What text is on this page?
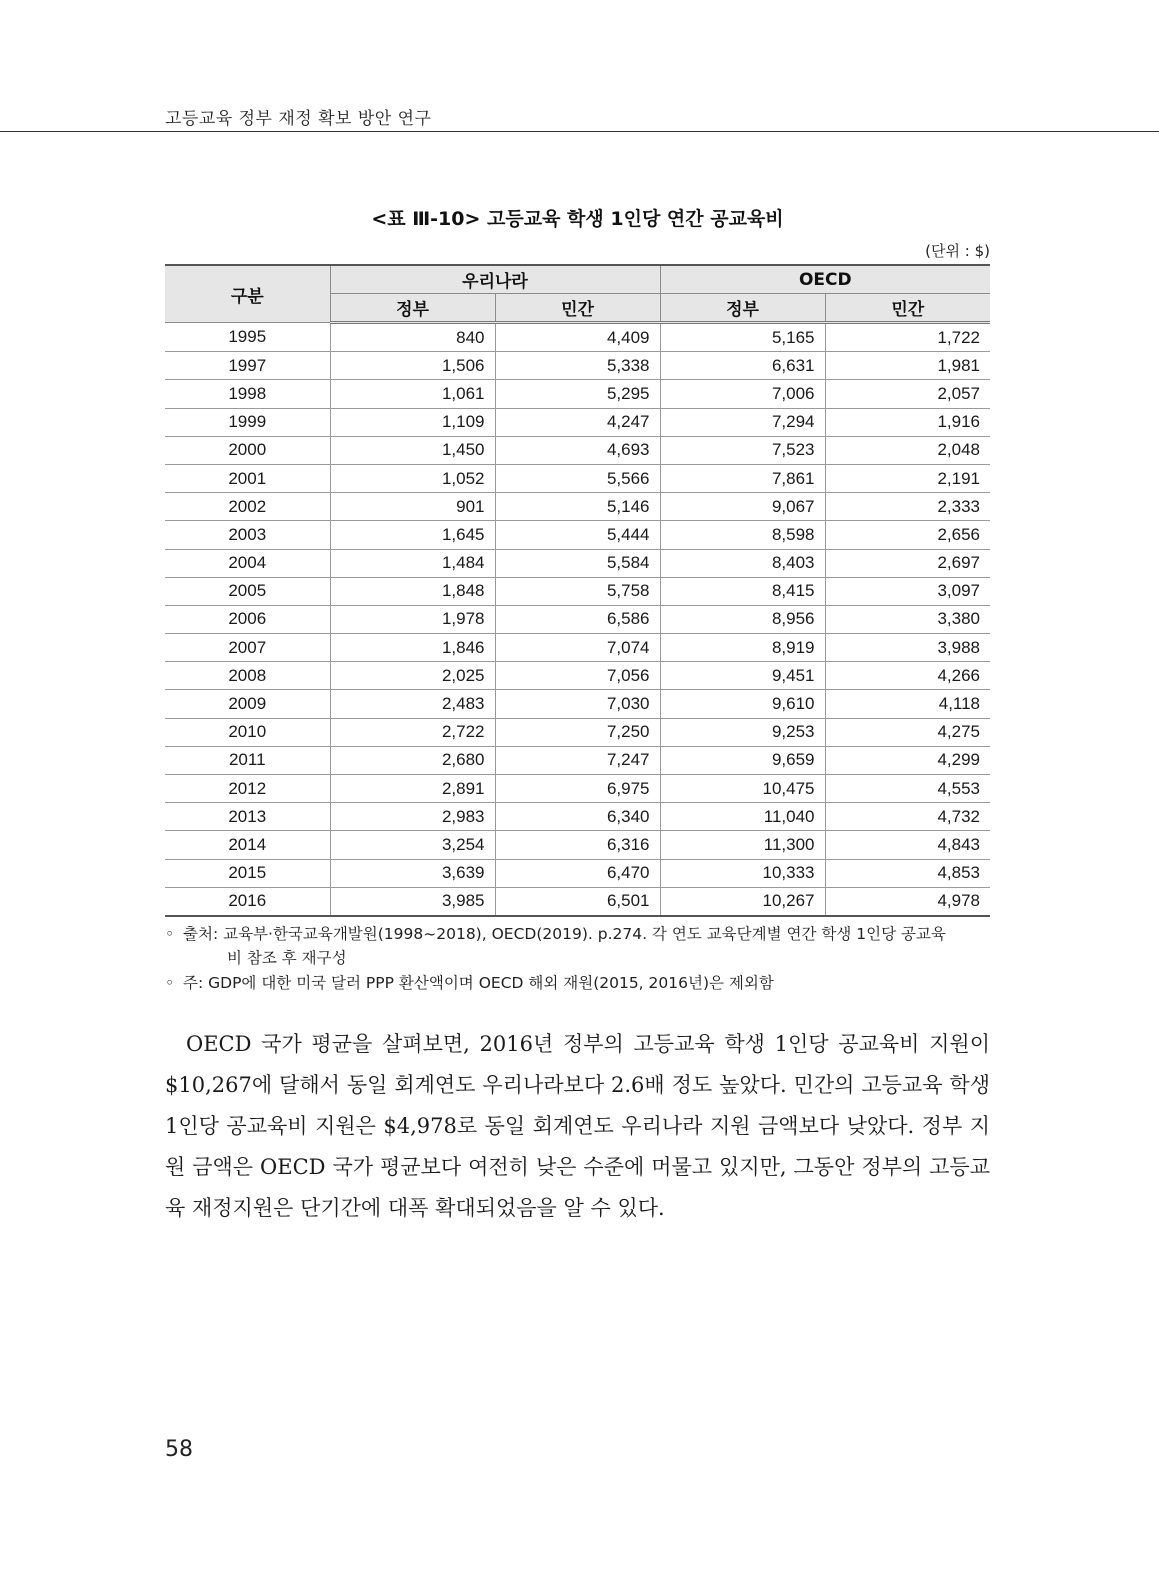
고등교육 정부 재정 확보 방안 연구
<표 Ⅲ-10> 고등교육 학생 1인당 연간 공교육비
(단위 : $)
구분	우리나라		OECD	
	정부	민간	정부	민간
1995	840	4,409	5,165	1,722
1997	1,506	5,338	6,631	1,981
1998	1,061	5,295	7,006	2,057
1999	1,109	4,247	7,294	1,916
2000	1,450	4,693	7,523	2,048
2001	1,052	5,566	7,861	2,191
2002	901	5,146	9,067	2,333
2003	1,645	5,444	8,598	2,656
2004	1,484	5,584	8,403	2,697
2005	1,848	5,758	8,415	3,097
2006	1,978	6,586	8,956	3,380
2007	1,846	7,074	8,919	3,988
2008	2,025	7,056	9,451	4,266
2009	2,483	7,030	9,610	4,118
2010	2,722	7,250	9,253	4,275
2011	2,680	7,247	9,659	4,299
2012	2,891	6,975	10,475	4,553
2013	2,983	6,340	11,040	4,732
2014	3,254	6,316	11,300	4,843
2015	3,639	6,470	10,333	4,853
2016	3,985	6,501	10,267	4,978
◦ 출처: 교육부·한국교육개발원(1998~2018), OECD(2019). p.274. 각 연도 교육단계별 연간 학생 1인당 공교육
비 참조 후 재구성
◦ 주: GDP에 대한 미국 달러 PPP 환산액이며 OECD 해외 재원(2015, 2016년)은 제외함

OECD 국가 평균을 살펴보면, 2016년 정부의 고등교육 학생 1인당 공교육비 지원이 $10,267에 달해서 동일 회계연도 우리나라보다 2.6배 정도 높았다. 민간의 고등교육 학생 1인당 공교육비 지원은 $4,978로 동일 회계연도 우리나라 지원 금액보다 낮았다. 정부 지원 금액은 OECD 국가 평균보다 여전히 낮은 수준에 머물고 있지만, 그동안 정부의 고등교육 재정지원은 단기간에 대폭 확대되었음을 알 수 있다.

58
